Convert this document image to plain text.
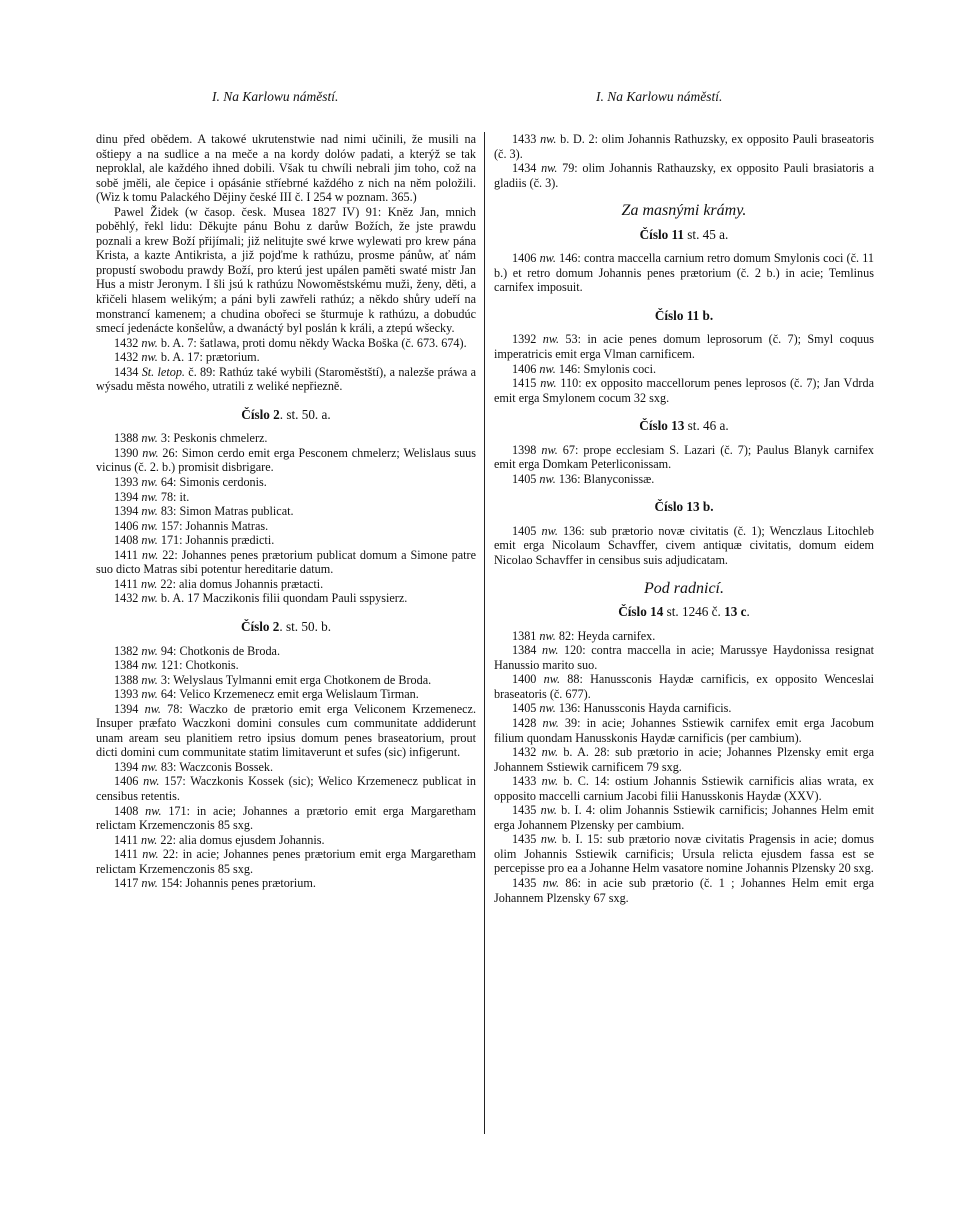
I. Na Karlowu náměstí.

dinu před obědem. A takowé ukrutenstwie nad nimi učinili, že musili na oštiepy a na sudlice a na meče a na kordy dolów padati, a kterýž se tak neproklal, ale každého ihned dobili. Však tu chwíli nebrali jim toho, což na sobě jměli, ale čepice i opásánie stříebrné každého z nich na něm položili. (Wiz k tomu Palackého Dějiny české III č. I 254 w poznam. 365.)

Pawel Židek (w časop. česk. Musea 1827 IV) 91: Kněz Jan, mnich poběhlý, řekl lidu: Děkujte pánu Bohu z darůw Božích, že jste prawdu poznali a krew Boží přijímali; již nelitujte swé krwe wylewati pro krew pána Krista, a kazte Antikrista, a již pojďme k rathúzu, prosme pánůw, ať nám propustí swobodu prawdy Boží, pro kterú jest upálen paměti swaté mistr Jan Hus a mistr Jeronym. I šli jsú k rathúzu Nowoměstskému muži, ženy, děti, a křičeli hlasem welikým; a páni byli zawřeli rathúz; a někdo shůry udeří na monstrancí kamenem; a chudina obořeci se šturmuje k rathúzu, a dobudúc smecí jedenácte konšelůw, a dwanáctý byl poslán k králi, a ztepú wšecky.

1432 nw. b. A. 7: šatlawa, proti domu někdy Wacka Boška (č. 673. 674).

1432 nw. b. A. 17: prætorium.

1434 St. letop. č. 89: Rathúz také wybili (Staroměstští), a nalezše práwa a wýsadu města nowého, utratili z weliké nepřiezně.

Číslo 2. st. 50. a.

1388 nw. 3: Peskonis chmelerz.

1390 nw. 26: Simon cerdo emit erga Pesconem chmelerz; Welislaus suus vicinus (č. 2. b.) promisit disbrigare.

1393 nw. 64: Simonis cerdonis.

1394 nw. 78: it.

1394 nw. 83: Simon Matras publicat.

1406 nw. 157: Johannis Matras.

1408 nw. 171: Johannis prædicti.

1411 nw. 22: Johannes penes prætorium publicat domum a Simone patre suo dicto Matras sibi potentur hereditarie datum.

1411 nw. 22: alia domus Johannis prætacti.

1432 nw. b. A. 17 Maczikonis filii quondam Pauli sspysierz.

Číslo 2. st. 50. b.

1382 nw. 94: Chotkonis de Broda.

1384 nw. 121: Chotkonis.

1388 nw. 3: Welyslaus Tylmanni emit erga Chotkonem de Broda.

1393 nw. 64: Velico Krzemenecz emit erga Welislaum Tirman.

1394 nw. 78: Waczko de prætorio emit erga Veliconem Krzemenecz. Insuper præfato Waczkoni domini consules cum communitate addiderunt unam aream seu planitiem retro ipsius domum penes braseatorium, prout dicti domini cum communitate statim limitaverunt et sufes (sic) infigerunt.

1394 nw. 83: Waczconis Bossek.

1406 nw. 157: Waczkonis Kossek (sic); Welico Krzemenecz publicat in censibus retentis.

1408 nw. 171: in acie; Johannes a prætorio emit erga Margaretham relictam Krzemenczonis 85 sxg.

1411 nw. 22: alia domus ejusdem Johannis.

1411 nw. 22: in acie; Johannes penes prætorium emit erga Margaretham relictam Krzemenczonis 85 sxg.

1417 nw. 154: Johannis penes prætorium.

I. Na Karlowu náměstí.

1433 nw. b. D. 2: olim Johannis Rathuzsky, ex opposito Pauli braseatoris (č. 3).

1434 nw. 79: olim Johannis Rathauzsky, ex opposito Pauli brasiatoris a gladiis (č. 3).

Za masnými krámy.

Číslo 11 st. 45 a.

1406 nw. 146: contra maccella carnium retro domum Smylonis coci (č. 11 b.) et retro domum Johannis penes prætorium (č. 2 b.) in acie; Temlinus carnifex imposuit.

Číslo 11 b.

1392 nw. 53: in acie penes domum leprosorum (č. 7); Smyl coquus imperatricis emit erga Vlman carnificem.

1406 nw. 146: Smylonis coci.

1415 nw. 110: ex opposito maccellorum penes leprosos (č. 7); Jan Vdrda emit erga Smylonem cocum 32 sxg.

Číslo 13 st. 46 a.

1398 nw. 67: prope ecclesiam S. Lazari (č. 7); Paulus Blanyk carnifex emit erga Domkam Peterliconissam.

1405 nw. 136: Blanyconissæ.

Číslo 13 b.

1405 nw. 136: sub prætorio novæ civitatis (č. 1); Wenczlaus Litochleb emit erga Nicolaum Schavffer, civem antiquæ civitatis, domum eidem Nicolao Schavffer in censibus suis adjudicatam.

Pod radnicí.

Číslo 14 st. 1246 č. 13 c.

1381 nw. 82: Heyda carnifex.

1384 nw. 120: contra maccella in acie; Marussye Haydonissa resignat Hanussio marito suo.

1400 nw. 88: Hanussconis Haydæ carnificis, ex opposito Wenceslai braseatoris (č. 677).

1405 nw. 136: Hanussconis Hayda carnificis.

1428 nw. 39: in acie; Johannes Sstiewik carnifex emit erga Jacobum filium quondam Hanusskonis Haydæ carnificis (per cambium).

1432 nw. b. A. 28: sub prætorio in acie; Johannes Plzensky emit erga Johannem Sstiewik carnificem 79 sxg.

1433 nw. b. C. 14: ostium Johannis Sstiewik carnificis alias wrata, ex opposito maccelli carnium Jacobi filii Hanusskonis Haydæ (XXV).

1435 nw. b. I. 4: olim Johannis Sstiewik carnificis; Johannes Helm emit erga Johannem Plzensky per cambium.

1435 nw. b. I. 15: sub prætorio novæ civitatis Pragensis in acie; domus olim Johannis Sstiewik carnificis; Ursula relicta ejusdem fassa est se percepisse pro ea a Johanne Helm vasatore nomine Johannis Plzensky 20 sxg.

1435 nw. 86: in acie sub prætorio (č. 1 ; Johannes Helm emit erga Johannem Plzensky 67 sxg.
